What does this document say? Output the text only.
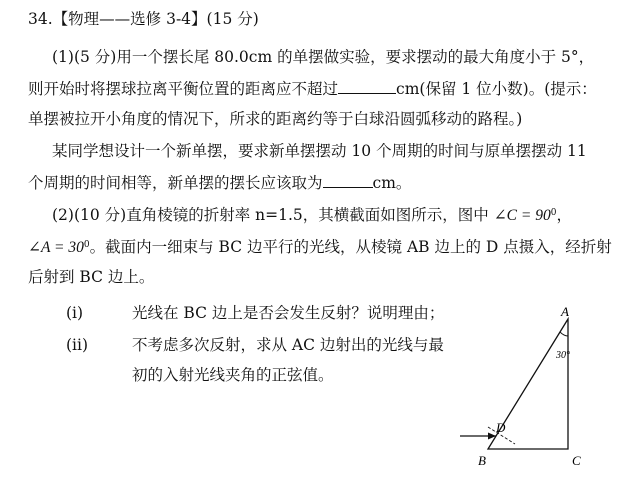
34.【物理——选修 3-4】(15 分)
(1)(5 分)用一个摆长尾 80.0cm 的单摆做实验，要求摆动的最大角度小于 5°，
则开始时将摆球拉离平衡位置的距离应不超过	cm(保留 1 位小数)。(提示：
单摆被拉开小角度的情况下，所求的距离约等于白球沿圆弧移动的路程。)
某同学想设计一个新单摆，要求新单摆摆动 10 个周期的时间与原单摆摆动 11
个周期的时间相等，新单摆的摆长应该取为	cm。
(2)(10 分)直角棱镜的折射率 n=1.5，其横截面如图所示，图中 ∠C = $90^0$，
∠A = $30^0$。截面内一细束与 BC 边平行的光线，从棱镜 AB 边上的 D 点摄入，经折射
后射到 BC 边上。
(i)	光线在 BC 边上是否会发生反射？说明理由；
(ii)	不考虑多次反射，求从 AC 边射出的光线与最
初的入射光线夹角的正弦值。
30°
A
B	C
D
